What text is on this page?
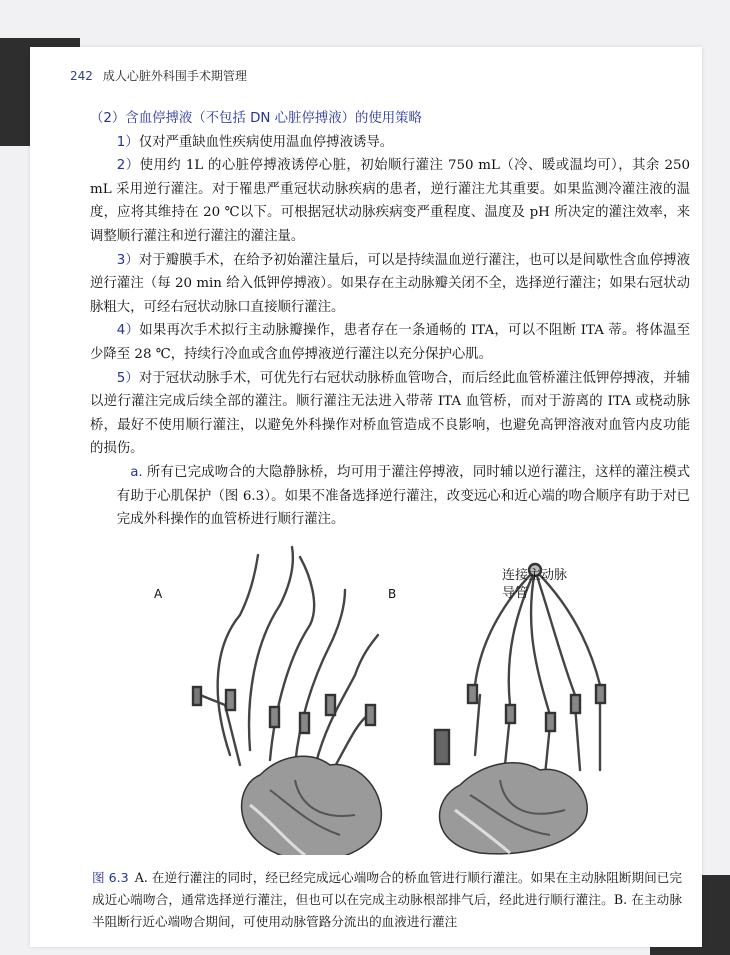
242 成人心脏外科围手术期管理
（2）含血停搏液（不包括 DN 心脏停搏液）的使用策略

1）仅对严重缺血性疾病使用温血停搏液诱导。

2）使用约 1L 的心脏停搏液诱停心脏，初始顺行灌注 750 mL（冷、暖或温均可），其余 250 mL 采用逆行灌注。对于罹患严重冠状动脉疾病的患者，逆行灌注尤其重要。如果监测冷灌注液的温度，应将其维持在 20 ℃以下。可根据冠状动脉疾病变严重程度、温度及 pH 所决定的灌注效率，来调整顺行灌注和逆行灌注的灌注量。

3）对于瓣膜手术，在给予初始灌注量后，可以是持续温血逆行灌注，也可以是间歇性含血停搏液逆行灌注（每 20 min 给入低钾停搏液）。如果存在主动脉瓣关闭不全，选择逆行灌注；如果右冠状动脉粗大，可经右冠状动脉口直接顺行灌注。

4）如果再次手术拟行主动脉瓣操作，患者存在一条通畅的 ITA，可以不阻断 ITA 蒂。将体温至少降至 28 ℃，持续行冷血或含血停搏液逆行灌注以充分保护心肌。

5）对于冠状动脉手术，可优先行右冠状动脉桥血管吻合，而后经此血管桥灌注低钾停搏液，并辅以逆行灌注完成后续全部的灌注。顺行灌注无法进入带蒂 ITA 血管桥，而对于游离的 ITA 或桡动脉桥，最好不使用顺行灌注，以避免外科操作对桥血管造成不良影响，也避免高钾溶液对血管内皮功能的损伤。

a. 所有已完成吻合的大隐静脉桥，均可用于灌注停搏液，同时辅以逆行灌注，这样的灌注模式有助于心肌保护（图 6.3）。如果不准备选择逆行灌注，改变远心和近心端的吻合顺序有助于对已完成外科操作的血管桥进行顺行灌注。

A	B
连接主动脉
导管
图 6.3 A. 在逆行灌注的同时，经已经完成远心端吻合的桥血管进行顺行灌注。如果在主动脉阻断期间已完成近心端吻合，通常选择逆行灌注，但也可以在完成主动脉根部排气后，经此进行顺行灌注。B. 在主动脉半阻断行近心端吻合期间，可使用动脉管路分流出的血液进行灌注
